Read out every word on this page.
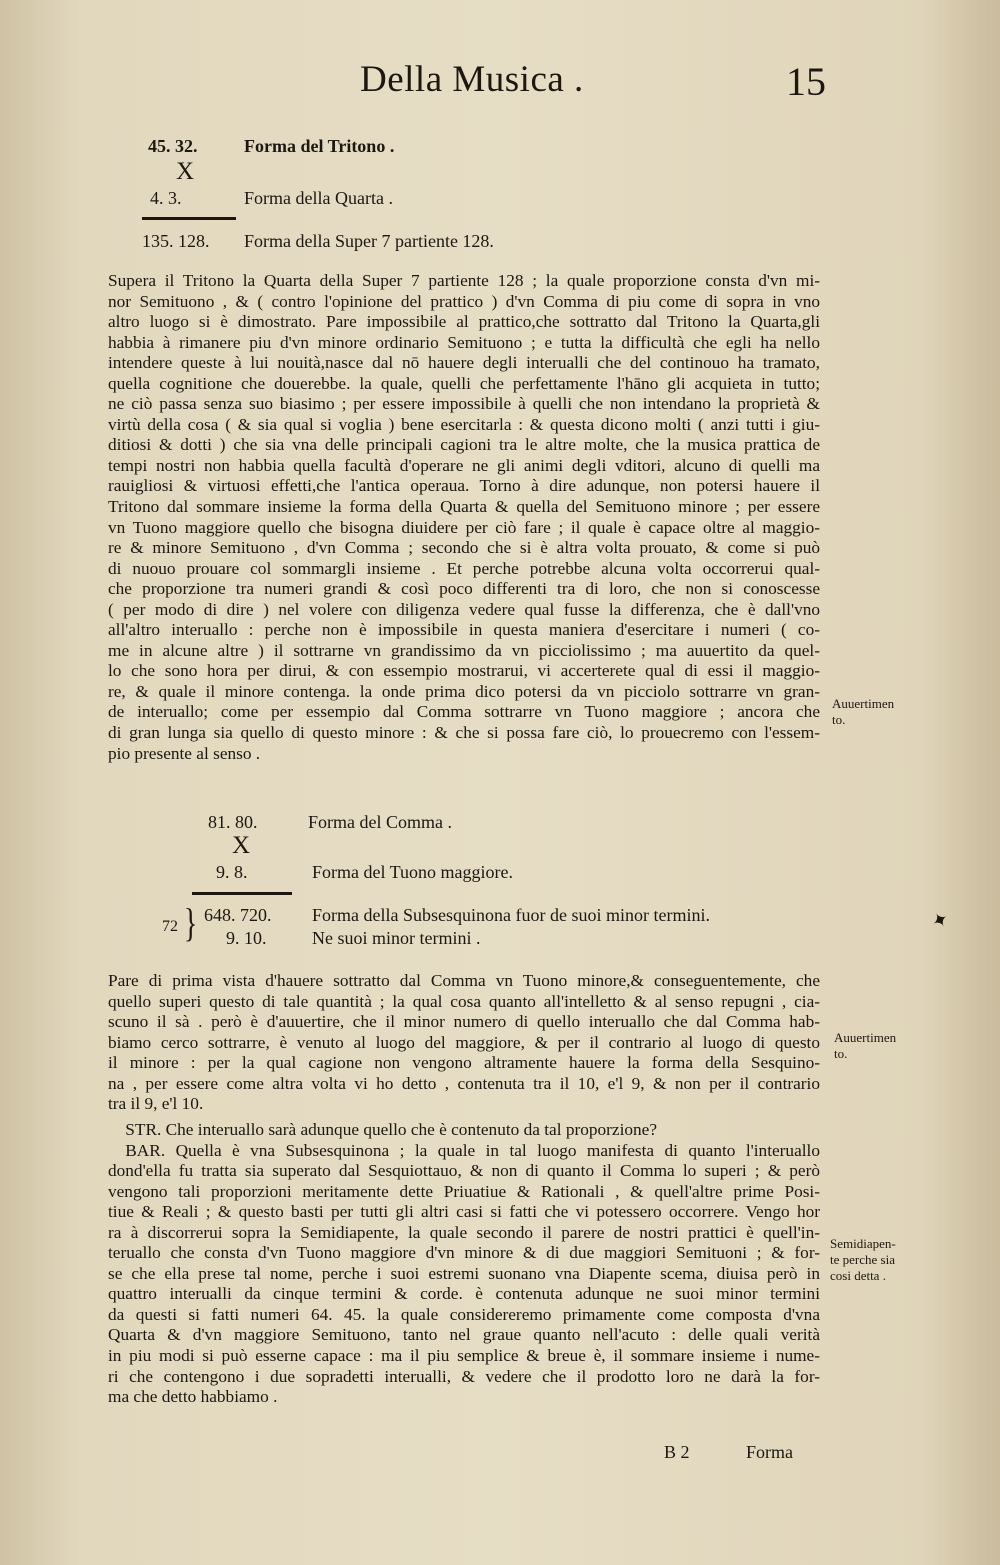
Della Musica .	15
45. 32.	Forma del Tritono .
X
4. 3.	Forma della Quarta .
135. 128. Forma della Super 7 partiente 128.
Supera il Tritono la Quarta della Super 7 partiente 128 ; la quale proporzione consta d'vn mi-
nor Semituono , & ( contro l'opinione del prattico ) d'vn Comma di piu come di sopra in vno
altro luogo si è dimostrato. Pare impossibile al prattico,che sottratto dal Tritono la Quarta,gli
habbia à rimanere piu d'vn minore ordinario Semituono ; e tutta la difficultà che egli ha nello
intendere queste à lui nouità,nasce dal nō hauere degli interualli che del continouo ha tramato,
quella cognitione che douerebbe. la quale, quelli che perfettamente l'hāno gli acquieta in tutto;
ne ciò passa senza suo biasimo ; per essere impossibile à quelli che non intendano la proprietà &
virtù della cosa ( & sia qual si voglia ) bene esercitarla : & questa dicono molti ( anzi tutti i giu-
ditiosi & dotti ) che sia vna delle principali cagioni tra le altre molte, che la musica prattica de
tempi nostri non habbia quella facultà d'operare ne gli animi degli vditori, alcuno di quelli ma
rauigliosi & virtuosi effetti,che l'antica operaua. Torno à dire adunque, non potersi hauere il
Tritono dal sommare insieme la forma della Quarta & quella del Semituono minore ; per essere
vn Tuono maggiore quello che bisogna diuidere per ciò fare ; il quale è capace oltre al maggio-
re & minore Semituono , d'vn Comma ; secondo che si è altra volta prouato, & come si può
di nuouo prouare col sommargli insieme . Et perche potrebbe alcuna volta occorrerui qual-
che proporzione tra numeri grandi & così poco differenti tra di loro, che non si conoscesse
( per modo di dire ) nel volere con diligenza vedere qual fusse la differenza, che è dall'vno
all'altro interuallo : perche non è impossibile in questa maniera d'esercitare i numeri ( co-
me in alcune altre ) il sottrarne vn grandissimo da vn picciolissimo ; ma auuertito da quel-
lo che sono hora per dirui, & con essempio mostrarui, vi accerterete qual di essi il maggio-
re, & quale il minore contenga. la onde prima dico potersi da vn picciolo sottrarre vn gran-
de interuallo; come per essempio dal Comma sottrarre vn Tuono maggiore ; ancora che
di gran lunga sia quello di questo minore : & che si possa fare ciò, lo prouecremo con l'essem-
pio presente al senso .
Auuertimen
to.
81. 80.	Forma del Comma .
X
9. 8.	Forma del Tuono maggiore.
72 } 648. 720. Forma della Subsesquinona fuor de suoi minor termini.
9. 10.	Ne suoi minor termini .
✦
Pare di prima vista d'hauere sottratto dal Comma vn Tuono minore,& conseguentemente, che
quello superi questo di tale quantità ; la qual cosa quanto all'intelletto & al senso repugni , cia-
scuno il sà . però è d'auuertire, che il minor numero di quello interuallo che dal Comma hab-
biamo cerco sottrarre, è venuto al luogo del maggiore, & per il contrario al luogo di questo
il minore : per la qual cagione non vengono altramente hauere la forma della Sesquino-
na , per essere come altra volta vi ho detto , contenuta tra il 10, e'l 9, & non per il contrario
tra il 9, e'l 10.
Auuertimen
to.
 STR. Che interuallo sarà adunque quello che è contenuto da tal proporzione?
 BAR. Quella è vna Subsesquinona ; la quale in tal luogo manifesta di quanto l'interuallo
dond'ella fu tratta sia superato dal Sesquiottauo, & non di quanto il Comma lo superi ; & però
vengono tali proporzioni meritamente dette Priuatiue & Rationali , & quell'altre prime Posi-
tiue & Reali ; & questo basti per tutti gli altri casi si fatti che vi potessero occorrere. Vengo hor
ra à discorrerui sopra la Semidiapente, la quale secondo il parere de nostri prattici è quell'in-
teruallo che consta d'vn Tuono maggiore d'vn minore & di due maggiori Semituoni ; & for-
se che ella prese tal nome, perche i suoi estremi suonano vna Diapente scema, diuisa però in
quattro interualli da cinque termini & corde. è contenuta adunque ne suoi minor termini
da questi si fatti numeri 64. 45. la quale considereremo primamente come composta d'vna
Quarta & d'vn maggiore Semituono, tanto nel graue quanto nell'acuto : delle quali verità
in piu modi si può esserne capace : ma il piu semplice & breue è, il sommare insieme i nume-
ri che contengono i due sopradetti interualli, & vedere che il prodotto loro ne darà la for-
ma che detto habbiamo .
Semidiapen-
te perche sia
cosi detta .
B 2	Forma
